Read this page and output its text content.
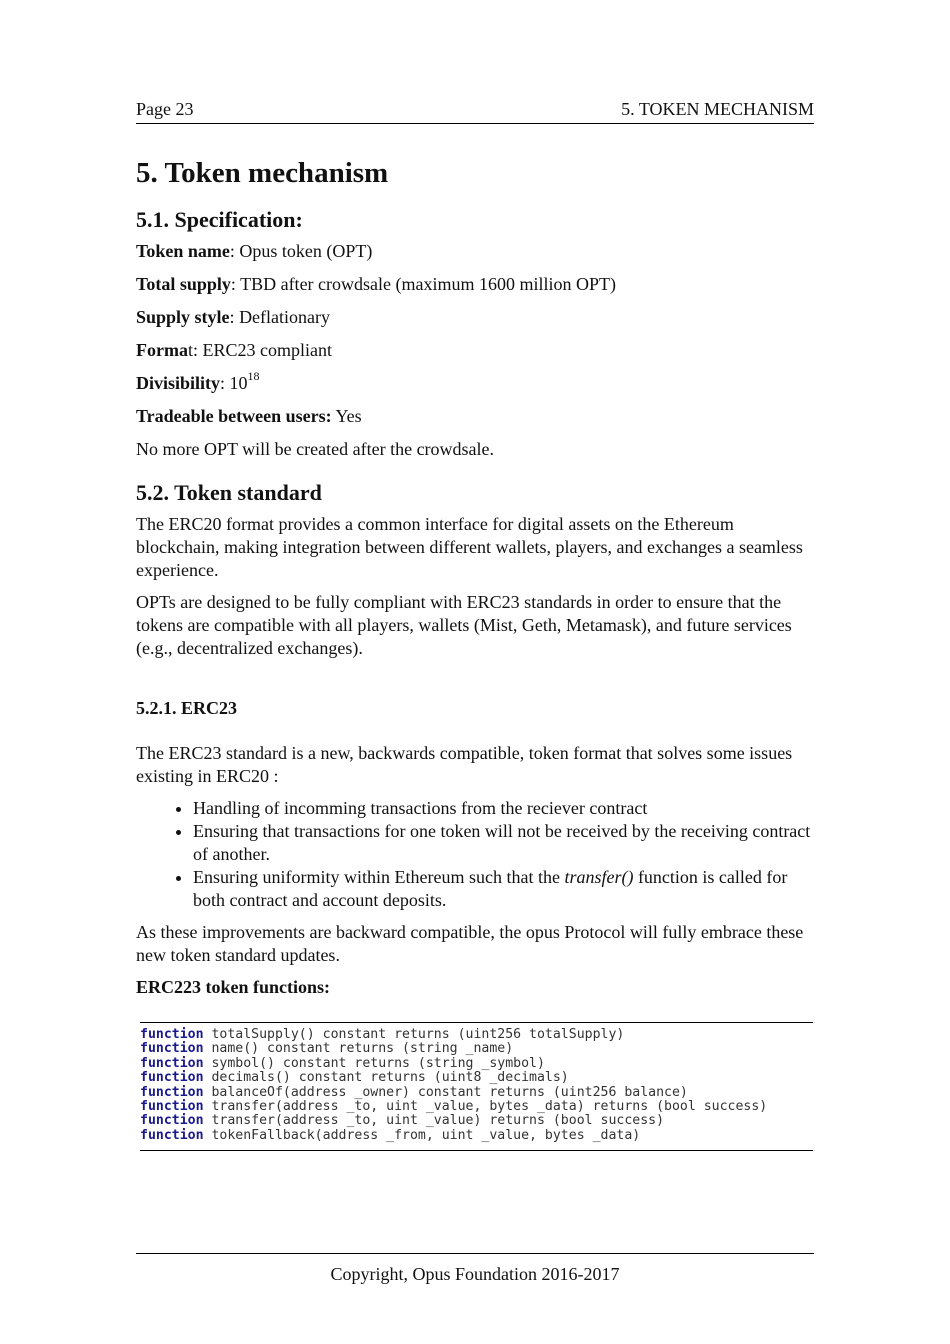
Page 23	5. TOKEN MECHANISM
5. Token mechanism
5.1. Specification:

Token name: Opus token (OPT)

Total supply: TBD after crowdsale (maximum 1600 million OPT)

Supply style: Deflationary

Format: ERC23 compliant

Divisibility: $10^{18}$

Tradeable between users: Yes

No more OPT will be created after the crowdsale.

5.2. Token standard

The ERC20 format provides a common interface for digital assets on the Ethereum blockchain, making integration between different wallets, players, and exchanges a seamless experience.

OPTs are designed to be fully compliant with ERC23 standards in order to ensure that the tokens are compatible with all players, wallets (Mist, Geth, Metamask), and future services (e.g., decentralized exchanges).

5.2.1. ERC23

The ERC23 standard is a new, backwards compatible, token format that solves some issues existing in ERC20 :

• Handling of incomming transactions from the reciever contract
• Ensuring that transactions for one token will not be received by the receiving contract of another.
• Ensuring uniformity within Ethereum such that the transfer() function is called for both contract and account deposits.

As these improvements are backward compatible, the opus Protocol will fully embrace these new token standard updates.

ERC223 token functions:

function totalSupply() constant returns (uint256 totalSupply)
function name() constant returns (string _name)
function symbol() constant returns (string _symbol)
function decimals() constant returns (uint8 _decimals)
function balanceOf(address _owner) constant returns (uint256 balance)
function transfer(address _to, uint _value, bytes _data) returns (bool success)
function transfer(address _to, uint _value) returns (bool success)
function tokenFallback(address _from, uint _value, bytes _data)
Copyright, Opus Foundation 2016-2017
